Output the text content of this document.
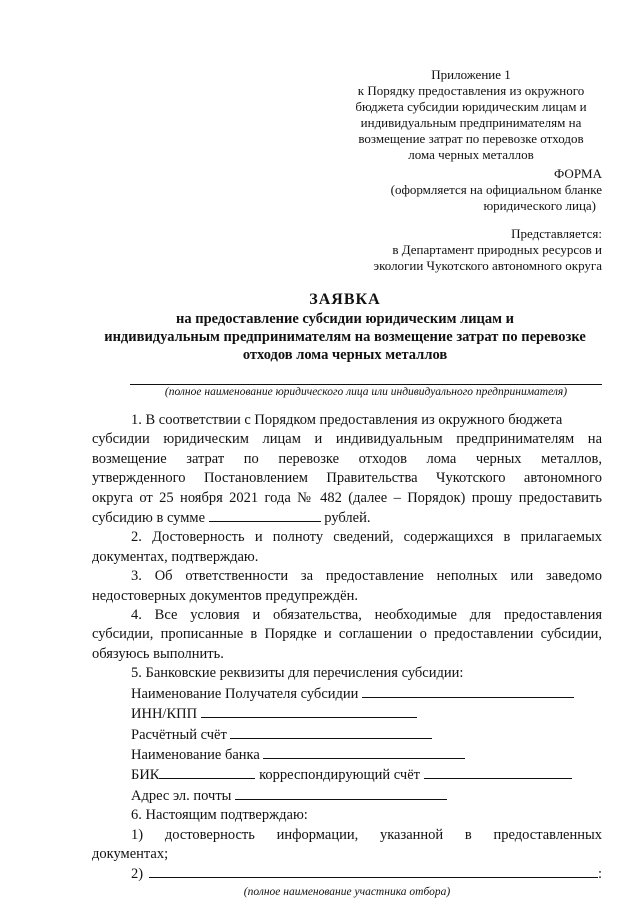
Приложение 1
к Порядку предоставления из окружного
бюджета субсидии юридическим лицам и
индивидуальным предпринимателям на
возмещение затрат по перевозке отходов
лома черных металлов
ФОРМА
(оформляется на официальном бланке
юридического лица)
Представляется:
в Департамент природных ресурсов и
экологии Чукотского автономного округа
ЗАЯВКА
на предоставление субсидии юридическим лицам и
индивидуальным предпринимателям на возмещение затрат по перевозке
отходов лома черных металлов
(полное наименование юридического лица или индивидуального предпринимателя)
1. В соответствии с Порядком предоставления из окружного бюджета

субсидии юридическим лицам и индивидуальным предпринимателям на

возмещение затрат по перевозке отходов лома черных металлов,

утвержденного Постановлением Правительства Чукотского автономного

округа от 25 ноября 2021 года № 482 (далее – Порядок) прошу предоставить

субсидию в сумме	рублей.

2. Достоверность и полноту сведений, содержащихся в прилагаемых

документах, подтверждаю.

3. Об ответственности за предоставление неполных или заведомо

недостоверных документов предупреждён.

4. Все условия и обязательства, необходимые для предоставления

субсидии, прописанные в Порядке и соглашении о предоставлении субсидии,

обязуюсь выполнить.

5. Банковские реквизиты для перечисления субсидии:

Наименование Получателя субсидии

ИНН/КПП

Расчётный счёт

Наименование банка

БИК	корреспондирующий счёт

Адрес эл. почты

6. Настоящим подтверждаю:

1) достоверность информации, указанной в предоставленных

документах;

2)	:

(полное наименование участника отбора)
